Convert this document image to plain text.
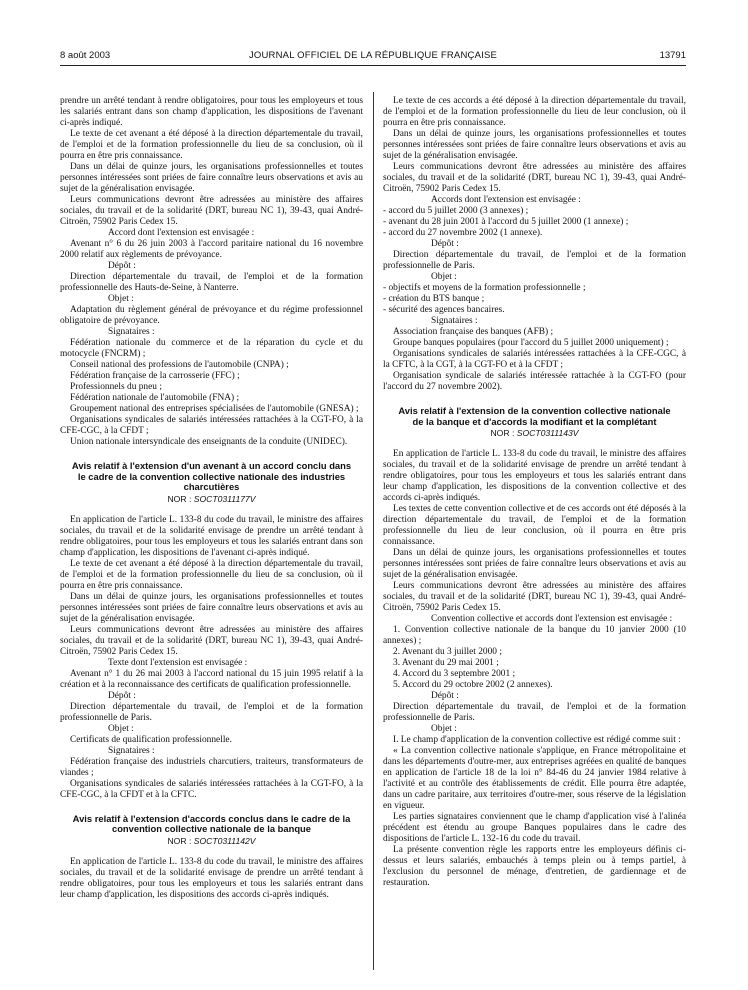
8 août 2003	JOURNAL OFFICIEL DE LA RÉPUBLIQUE FRANÇAISE	13791

prendre un arrêté tendant à rendre obligatoires, pour tous les employeurs et tous les salariés entrant dans son champ d'application, les dispositions de l'avenant ci-après indiqué.

Le texte de cet avenant a été déposé à la direction départementale du travail, de l'emploi et de la formation professionnelle du lieu de sa conclusion, où il pourra en être pris connaissance.

Dans un délai de quinze jours, les organisations professionnelles et toutes personnes intéressées sont priées de faire connaître leurs observations et avis au sujet de la généralisation envisagée.

Leurs communications devront être adressées au ministère des affaires sociales, du travail et de la solidarité (DRT, bureau NC 1), 39-43, quai André-Citroën, 75902 Paris Cedex 15.

Accord dont l'extension est envisagée :

Avenant n° 6 du 26 juin 2003 à l'accord paritaire national du 16 novembre 2000 relatif aux règlements de prévoyance.

Dépôt :

Direction départementale du travail, de l'emploi et de la formation professionnelle des Hauts-de-Seine, à Nanterre.

Objet :

Adaptation du règlement général de prévoyance et du régime professionnel obligatoire de prévoyance.

Signataires :

Fédération nationale du commerce et de la réparation du cycle et du motocycle (FNCRM) ;

Conseil national des professions de l'automobile (CNPA) ;

Fédération française de la carrosserie (FFC) ;

Professionnels du pneu ;

Fédération nationale de l'automobile (FNA) ;

Groupement national des entreprises spécialisées de l'automobile (GNESA) ;

Organisations syndicales de salariés intéressées rattachées à la CGT-FO, à la CFE-CGC, à la CFDT ;

Union nationale intersyndicale des enseignants de la conduite (UNIDEC).

Avis relatif à l'extension d'un avenant à un accord conclu dans le cadre de la convention collective nationale des industries charcutières
NOR : SOCT0311177V

En application de l'article L. 133-8 du code du travail, le ministre des affaires sociales, du travail et de la solidarité envisage de prendre un arrêté tendant à rendre obligatoires, pour tous les employeurs et tous les salariés entrant dans son champ d'application, les dispositions de l'avenant ci-après indiqué.

Le texte de cet avenant a été déposé à la direction départementale du travail, de l'emploi et de la formation professionnelle du lieu de sa conclusion, où il pourra en être pris connaissance.

Dans un délai de quinze jours, les organisations professionnelles et toutes personnes intéressées sont priées de faire connaître leurs observations et avis au sujet de la généralisation envisagée.

Leurs communications devront être adressées au ministère des affaires sociales, du travail et de la solidarité (DRT, bureau NC 1), 39-43, quai André-Citroën, 75902 Paris Cedex 15.

Texte dont l'extension est envisagée :

Avenant n° 1 du 26 mai 2003 à l'accord national du 15 juin 1995 relatif à la création et à la reconnaissance des certificats de qualification professionnelle.

Dépôt :

Direction départementale du travail, de l'emploi et de la formation professionnelle de Paris.

Objet :

Certificats de qualification professionnelle.

Signataires :

Fédération française des industriels charcutiers, traiteurs, transformateurs de viandes ;

Organisations syndicales de salariés intéressées rattachées à la CGT-FO, à la CFE-CGC, à la CFDT et à la CFTC.

Avis relatif à l'extension d'accords conclus dans le cadre de la convention collective nationale de la banque
NOR : SOCT0311142V

En application de l'article L. 133-8 du code du travail, le ministre des affaires sociales, du travail et de la solidarité envisage de prendre un arrêté tendant à rendre obligatoires, pour tous les employeurs et tous les salariés entrant dans leur champ d'application, les dispositions des accords ci-après indiqués.

Le texte de ces accords a été déposé à la direction départementale du travail, de l'emploi et de la formation professionnelle du lieu de leur conclusion, où il pourra en être pris connaissance.

Dans un délai de quinze jours, les organisations professionnelles et toutes personnes intéressées sont priées de faire connaître leurs observations et avis au sujet de la généralisation envisagée.

Leurs communications devront être adressées au ministère des affaires sociales, du travail et de la solidarité (DRT, bureau NC 1), 39-43, quai André-Citroën, 75902 Paris Cedex 15.

Accords dont l'extension est envisagée :

- accord du 5 juillet 2000 (3 annexes) ;

- avenant du 28 juin 2001 à l'accord du 5 juillet 2000 (1 annexe) ;

- accord du 27 novembre 2002 (1 annexe).

Dépôt :

Direction départementale du travail, de l'emploi et de la formation professionnelle de Paris.

Objet :

- objectifs et moyens de la formation professionnelle ;

- création du BTS banque ;

- sécurité des agences bancaires.

Signataires :

Association française des banques (AFB) ;

Groupe banques populaires (pour l'accord du 5 juillet 2000 uniquement) ;

Organisations syndicales de salariés intéressées rattachées à la CFE-CGC, à la CFTC, à la CGT, à la CGT-FO et à la CFDT ;

Organisation syndicale de salariés intéressée rattachée à la CGT-FO (pour l'accord du 27 novembre 2002).

Avis relatif à l'extension de la convention collective nationale de la banque et d'accords la modifiant et la complétant
NOR : SOCT0311143V

En application de l'article L. 133-8 du code du travail, le ministre des affaires sociales, du travail et de la solidarité envisage de prendre un arrêté tendant à rendre obligatoires, pour tous les employeurs et tous les salariés entrant dans leur champ d'application, les dispositions de la convention collective et des accords ci-après indiqués.

Les textes de cette convention collective et de ces accords ont été déposés à la direction départementale du travail, de l'emploi et de la formation professionnelle du lieu de leur conclusion, où il pourra en être pris connaissance.

Dans un délai de quinze jours, les organisations professionnelles et toutes personnes intéressées sont priées de faire connaître leurs observations et avis au sujet de la généralisation envisagée.

Leurs communications devront être adressées au ministère des affaires sociales, du travail et de la solidarité (DRT, bureau NC 1), 39-43, quai André-Citroën, 75902 Paris Cedex 15.

Convention collective et accords dont l'extension est envisagée :

1. Convention collective nationale de la banque du 10 janvier 2000 (10 annexes) ;

2. Avenant du 3 juillet 2000 ;

3. Avenant du 29 mai 2001 ;

4. Accord du 3 septembre 2001 ;

5. Accord du 29 octobre 2002 (2 annexes).

Dépôt :

Direction départementale du travail, de l'emploi et de la formation professionnelle de Paris.

Objet :

I. Le champ d'application de la convention collective est rédigé comme suit :

« La convention collective nationale s'applique, en France métropolitaine et dans les départements d'outre-mer, aux entreprises agréées en qualité de banques en application de l'article 18 de la loi n° 84-46 du 24 janvier 1984 relative à l'activité et au contrôle des établissements de crédit. Elle pourra être adaptée, dans un cadre paritaire, aux territoires d'outre-mer, sous réserve de la législation en vigueur.

Les parties signataires conviennent que le champ d'application visé à l'alinéa précédent est étendu au groupe Banques populaires dans le cadre des dispositions de l'article L. 132-16 du code du travail.

La présente convention règle les rapports entre les employeurs définis ci-dessus et leurs salariés, embauchés à temps plein ou à temps partiel, à l'exclusion du personnel de ménage, d'entretien, de gardiennage et de restauration.
